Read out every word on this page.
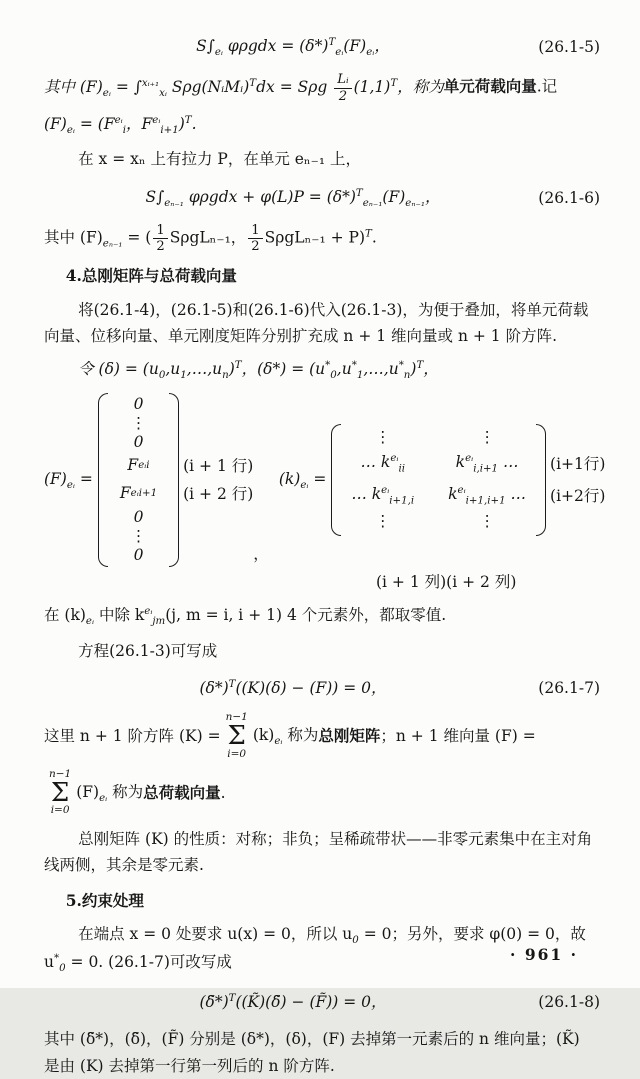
$S\int_{eᵢ}$ $\varphi\rho gdx = (\delta*)^T_{eᵢ}(F)_{eᵢ}$，	(26.1-5)

其中 $(F)_{eᵢ} = \int^{xᵢ_{+1}}_{xᵢ}$ Sρg(NᵢMᵢ)$^T$dx = Sρg $\frac{\text{Lᵢ}}{2} (1,1)^T$，称为单元荷载向量.记

$(F)_{eᵢ} = (F^{eᵢ}_i$，$F^{eᵢ}_{i+1})^T$.

在 x = xₙ 上有拉力 P，在单元 eₙ₋₁ 上，

$S\int_{e_{n-1}}$ $\varphi\rho gdx + \varphi(L)P = (\delta*)^T_{e_{n-1}}(F)_{e_{n-1}}$，	(26.1-6)

其中 $(F)_{e_{n-1}}$ = ( $\frac{1}{2} S\rho gL_{n-1}$， $\frac{1}{2} S\rho gL_{n-1} + P)^T$.

4.总刚矩阵与总荷载向量

将(26.1-4)，(26.1-5)和(26.1-6)代入(26.1-3)，为便于叠加，将单元荷载向量、位移向量、单元刚度矩阵分别扩充成 n + 1 维向量或 n + 1 阶方阵.

令 $(\delta) = (u_0,u_1,\dots,u_n)^T$，$(\delta*) = (u^*_0,u^*_1,\dots,u^*_n)^T$，

$(F)_{eᵢ}$ =
0
⋮
0
F eᵢ i
F eᵢ i+1
0
⋮
0
(i + 1 行)
(i + 2 行)
，
$(k)_{eᵢ}$ =
⋮	⋮
… $k^{eᵢ}_{ii}$	$k^{eᵢ}_{i,i+1}$ …
… $k^{eᵢ}_{i+1,i}$ $k^{eᵢ}_{i+1,i+1}$ …
⋮	⋮
(i+1行)
(i+2行)
(i + 1 列)(i + 2 列)

在 $(k)_{eᵢ}$ 中除 $k^{eᵢ}_{jm}(j$, m = i, i + 1) 4 个元素外，都取零值.

方程(26.1-3)可写成

$(\delta*)^T((K)(\delta) - (F)) = 0$，	(26.1-7)
这里 n + 1 阶方阵 (K) =
n−1
Σ
i=0
$(k)_{eᵢ}$ 称为 总刚矩阵 ；n + 1 维向量 (F) =
n−1
Σ
i=0
$(F)_{eᵢ}$ 称为 总荷载向量 .

总刚矩阵 (K) 的性质：对称；非负；呈稀疏带状——非零元素集中在主对角线两侧，其余是零元素.

5.约束处理

在端点 x = 0 处要求 u(x) = 0，所以 $u_0 = 0$；另外，要求 φ(0) = 0，故 $u^*_0 = 0$. (26.1-7)可改写成

(δ̃*)$^T$((K̃)(δ̃) − (F̃)) = 0，	(26.1-8)

其中 (δ̃*)，(δ̃)，(F̃) 分别是 (δ*)，(δ)，(F) 去掉第一元素后的 n 维向量；(K̃) 是由 (K) 去掉第一行第一列后的 n 阶方阵.

· 961 ·
